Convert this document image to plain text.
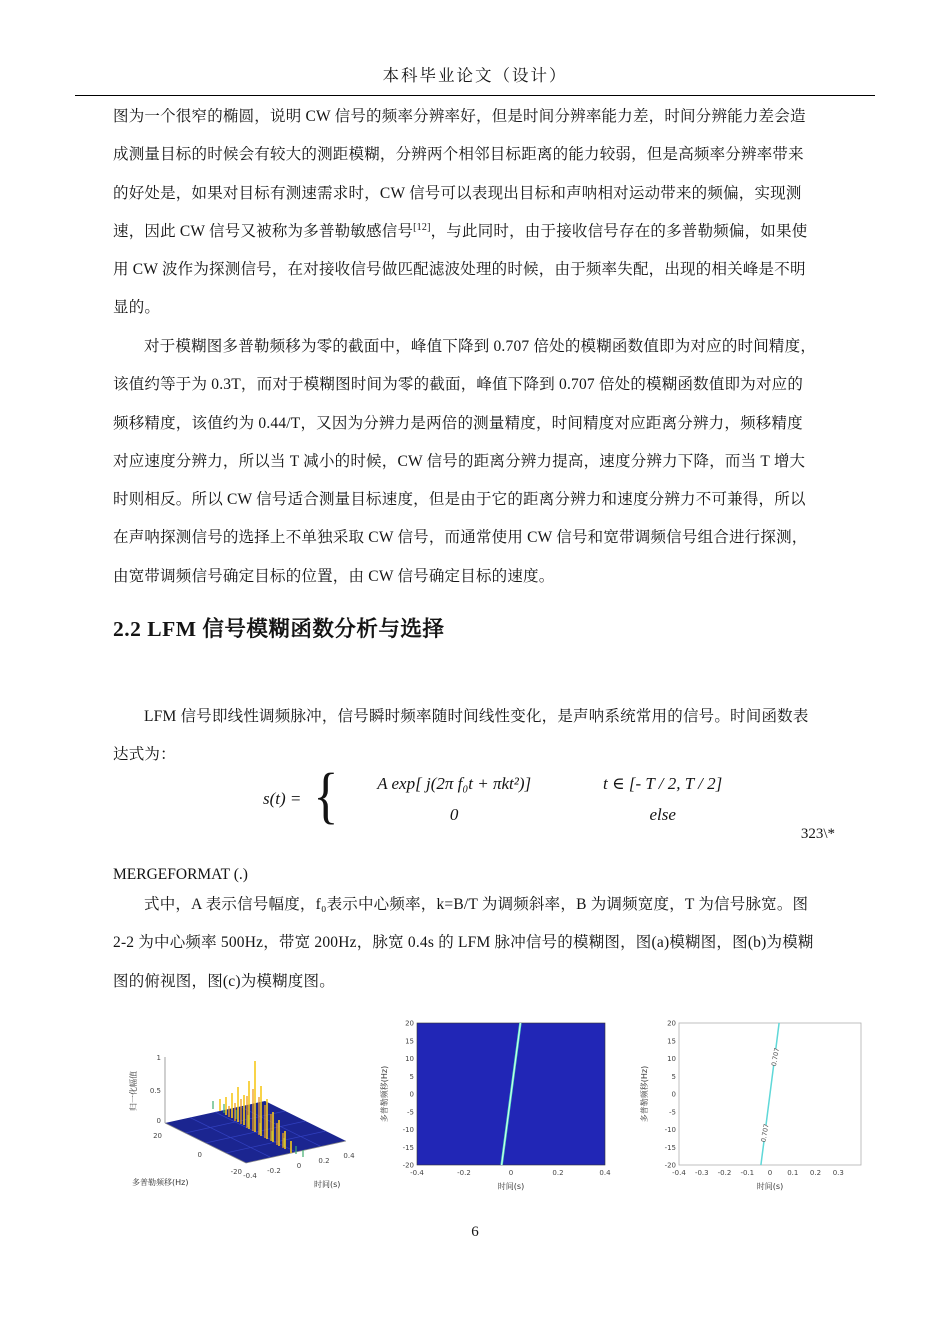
本科毕业论文（设计）
图为一个很窄的椭圆，说明 CW 信号的频率分辨率好，但是时间分辨率能力差，时间分辨能力差会造
成测量目标的时候会有较大的测距模糊，分辨两个相邻目标距离的能力较弱，但是高频率分辨率带来
的好处是，如果对目标有测速需求时，CW 信号可以表现出目标和声呐相对运动带来的频偏，实现测
速，因此 CW 信号又被称为多普勒敏感信号[12]，与此同时，由于接收信号存在的多普勒频偏，如果使
用 CW 波作为探测信号，在对接收信号做匹配滤波处理的时候，由于频率失配，出现的相关峰是不明
显的。
对于模糊图多普勒频移为零的截面中，峰值下降到 0.707 倍处的模糊函数值即为对应的时间精度，
该值约等于为 0.3T，而对于模糊图时间为零的截面，峰值下降到 0.707 倍处的模糊函数值即为对应的
频移精度，该值约为 0.44/T，又因为分辨力是两倍的测量精度，时间精度对应距离分辨力，频移精度
对应速度分辨力，所以当 T 减小的时候，CW 信号的距离分辨力提高，速度分辨力下降，而当 T 增大
时则相反。所以 CW 信号适合测量目标速度，但是由于它的距离分辨力和速度分辨力不可兼得，所以
在声呐探测信号的选择上不单独采取 CW 信号，而通常使用 CW 信号和宽带调频信号组合进行探测，
由宽带调频信号确定目标的位置，由 CW 信号确定目标的速度。
2.2 LFM 信号模糊函数分析与选择
LFM 信号即线性调频脉冲，信号瞬时频率随时间线性变化，是声呐系统常用的信号。时间函数表
达式为：
s(t) = {	A exp[ j(2π f₀t + πkt²)]	t ∈ [- T / 2, T / 2]
0	else
323\*
MERGEFORMAT (.)
式中，A 表示信号幅度，f₀表示中心频率，k=B/T 为调频斜率，B 为调频宽度，T 为信号脉宽。图
2-2 为中心频率 500Hz，带宽 200Hz，脉宽 0.4s 的 LFM 脉冲信号的模糊图，图(a)模糊图，图(b)为模糊
图的俯视图，图(c)为模糊度图。
归一化幅值
1
0.5
0
20
0
-20
多普勒频移(Hz)
-0.4
-0.2
0
0.2
0.4
时间(s)
多普勒频移(Hz)
20
15
10
5
0
-5
-10
-15
-20
-0.4	-0.2	0	0.2	0.4
时间(s)
多普勒频移(Hz)
0.707
0.707
20
15
10
5
0
-5
-10
-15
-20
-0.4 -0.3 -0.2 -0.1 0 0.1 0.2 0.3
时间(s)
6
